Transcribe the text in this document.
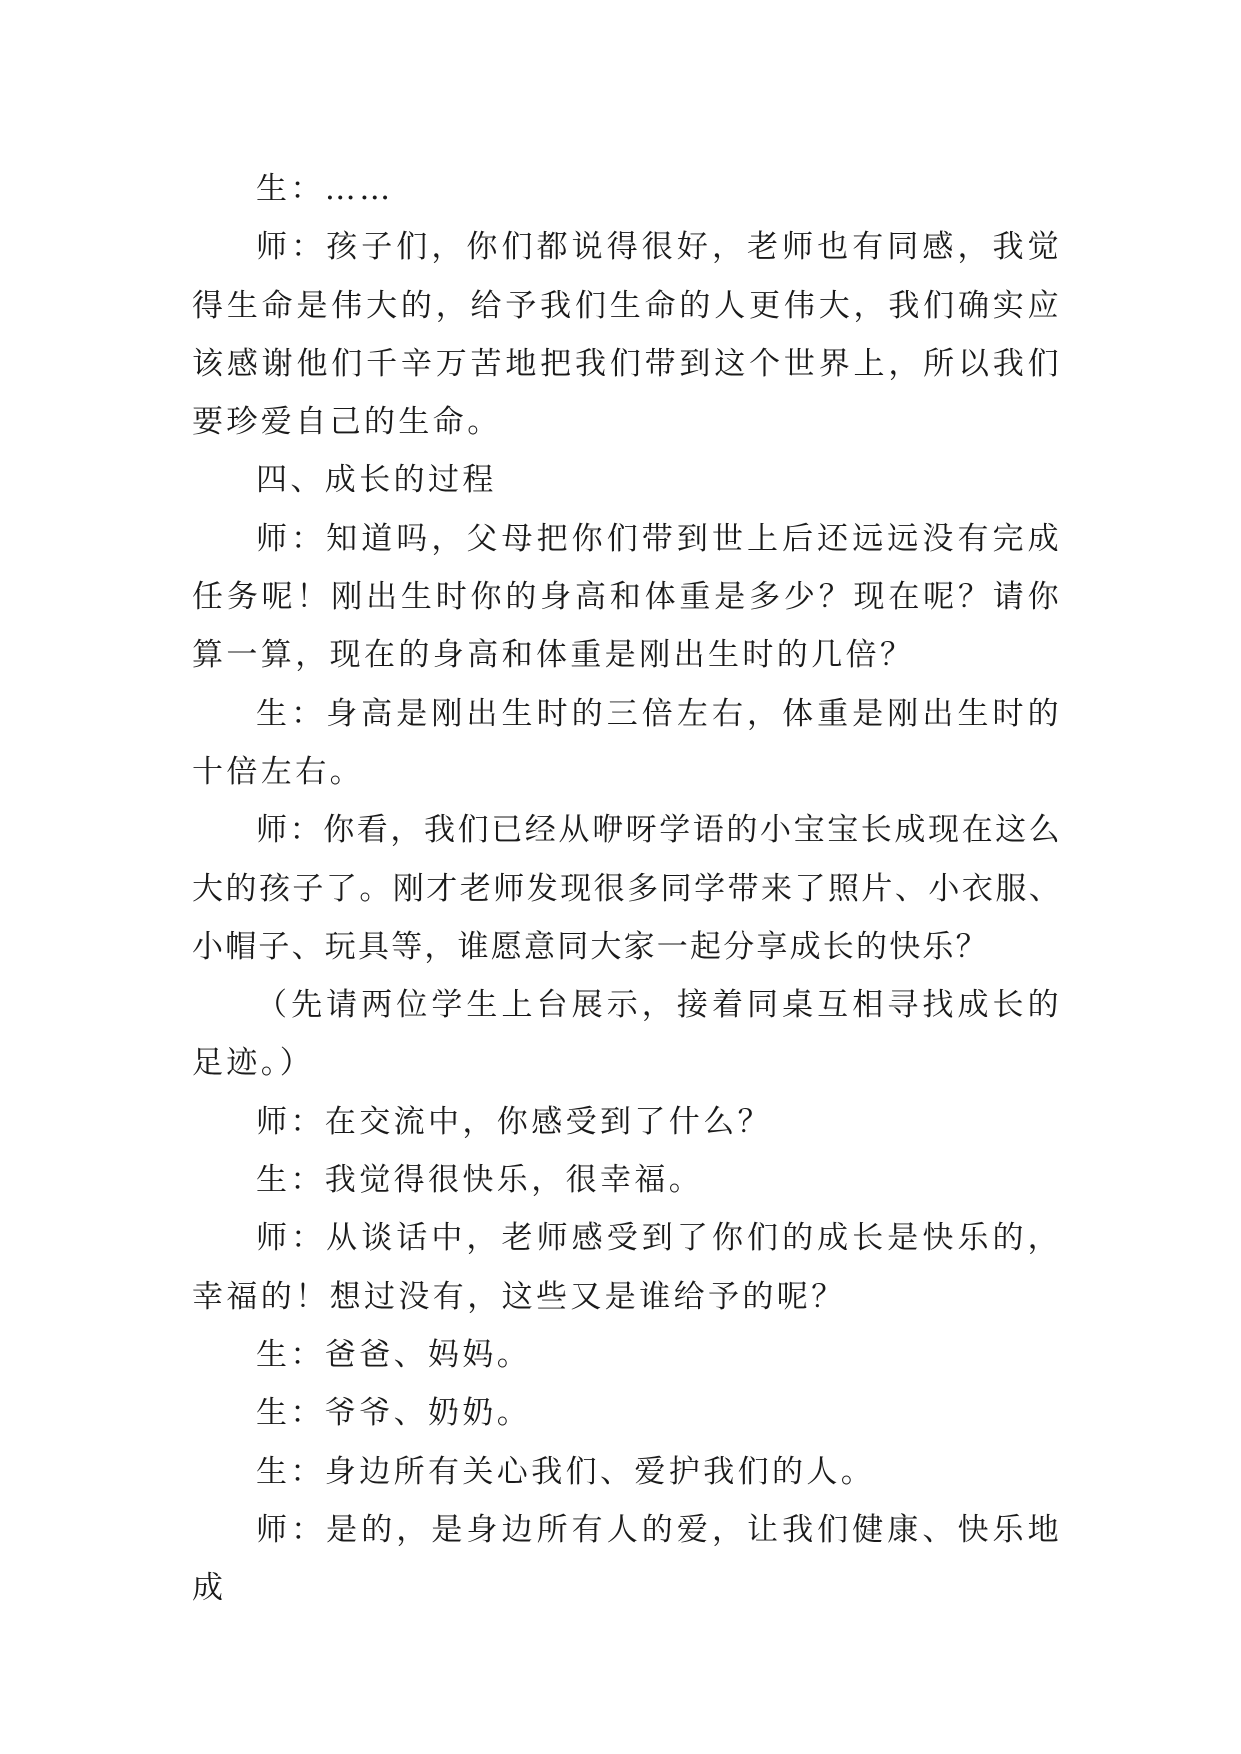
生：……

师：孩子们，你们都说得很好，老师也有同感，我觉得生命是伟大的，给予我们生命的人更伟大，我们确实应该感谢他们千辛万苦地把我们带到这个世界上，所以我们要珍爱自己的生命。

四、成长的过程

师：知道吗，父母把你们带到世上后还远远没有完成任务呢！刚出生时你的身高和体重是多少？现在呢？请你算一算，现在的身高和体重是刚出生时的几倍？

生：身高是刚出生时的三倍左右，体重是刚出生时的十倍左右。

师：你看，我们已经从咿呀学语的小宝宝长成现在这么大的孩子了。刚才老师发现很多同学带来了照片、小衣服、小帽子、玩具等，谁愿意同大家一起分享成长的快乐？

（先请两位学生上台展示，接着同桌互相寻找成长的足迹。）

师：在交流中，你感受到了什么？

生：我觉得很快乐，很幸福。

师：从谈话中，老师感受到了你们的成长是快乐的，幸福的！想过没有，这些又是谁给予的呢？

生：爸爸、妈妈。

生：爷爷、奶奶。

生：身边所有关心我们、爱护我们的人。

师：是的，是身边所有人的爱，让我们健康、快乐地成
